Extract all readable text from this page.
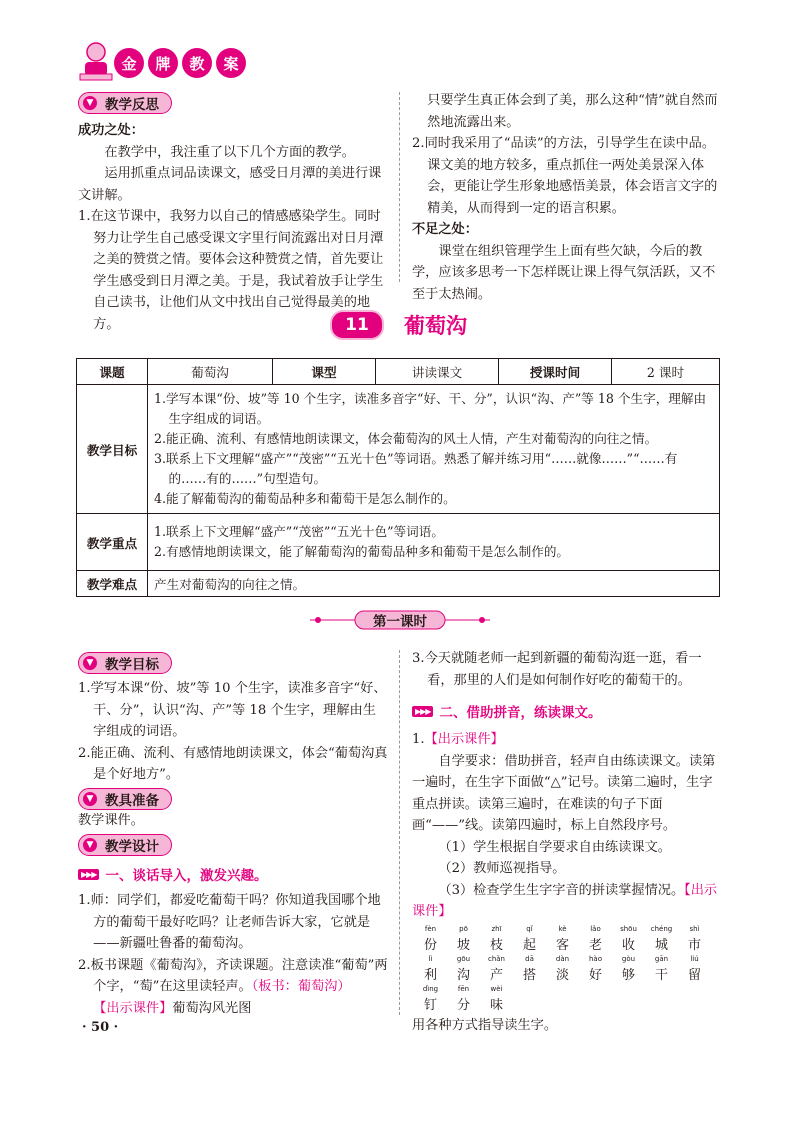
金	牌	教	案
▼ 教学反思

成功之处：

在教学中，我注重了以下几个方面的教学。

运用抓重点词品读课文，感受日月潭的美进行课文讲解。

1.在这节课中，我努力以自己的情感感染学生。同时努力让学生自己感受课文字里行间流露出对日月潭之美的赞赏之情。要体会这种赞赏之情，首先要让学生感受到日月潭之美。于是，我试着放手让学生自己读书，让他们从文中找出自己觉得最美的地方。

只要学生真正体会到了美，那么这种“情”就自然而然地流露出来。

2.同时我采用了“品读”的方法，引导学生在读中品。课文美的地方较多，重点抓住一两处美景深入体会，更能让学生形象地感悟美景，体会语言文字的精美，从而得到一定的语言积累。

不足之处：

课堂在组织管理学生上面有些欠缺，今后的教学，应该多思考一下怎样既让课上得气氛活跃，又不至于太热闹。

11	葡萄沟
课题	葡萄沟	课型	讲读课文	授课时间	2 课时
教学目标	1.学写本课“份、坡”等 10 个生字，读准多音字“好、干、分”，认识“沟、产”等 18 个生字，理解由生字组成的词语。

2.能正确、流利、有感情地朗读课文，体会葡萄沟的风土人情，产生对葡萄沟的向往之情。

3.联系上下文理解“盛产”“茂密”“五光十色”等词语。熟悉了解并练习用“……就像……”“……有的……有的……”句型造句。

4.能了解葡萄沟的葡萄品种多和葡萄干是怎么制作的。				

教学重点	1.联系上下文理解“盛产”“茂密”“五光十色”等词语。

2.有感情地朗读课文，能了解葡萄沟的葡萄品种多和葡萄干是怎么制作的。				

教学难点	产生对葡萄沟的向往之情。				
第一课时
▼ 教学目标

1.学写本课“份、坡”等 10 个生字，读准多音字“好、干、分”，认识“沟、产”等 18 个生字，理解由生字组成的词语。

2.能正确、流利、有感情地朗读课文，体会“葡萄沟真是个好地方”。

▼ 教具准备

教学课件。

▼ 教学设计
▶▶▶ 一、谈话导入，激发兴趣。

1.师：同学们，都爱吃葡萄干吗？你知道我国哪个地方的葡萄干最好吃吗？让老师告诉大家，它就是——新疆吐鲁番的葡萄沟。

2.板书课题《葡萄沟》，齐读课题。注意读准“葡萄”两个字，“萄”在这里读轻声。（板书：葡萄沟）

【出示课件】葡萄沟风光图

3.今天就随老师一起到新疆的葡萄沟逛一逛，看一看，那里的人们是如何制作好吃的葡萄干的。

▶▶▶ 二、借助拼音，练读课文。

1.【出示课件】

自学要求：借助拼音，轻声自由练读课文。读第一遍时，在生字下面做“△”记号。读第二遍时，生字重点拼读。读第三遍时，在难读的句子下面画“——”线。读第四遍时，标上自然段序号。

（1）学生根据自学要求自由练读课文。

（2）教师巡视指导。

（3）检查学生生字字音的拼读掌握情况。【出示课件】

fèn	pō	zhī	qǐ	kè	lǎo	shōu	chéng	shì
份	坡	枝	起	客	老	收	城	市
lì	gōu	chǎn	dā	dàn	hào	gòu	gān	liú
利	沟	产	搭	淡	好	够	干	留
dìng	fēn	wèi
钉	分	味

用各种方式指导读生字。

· 50 ·
